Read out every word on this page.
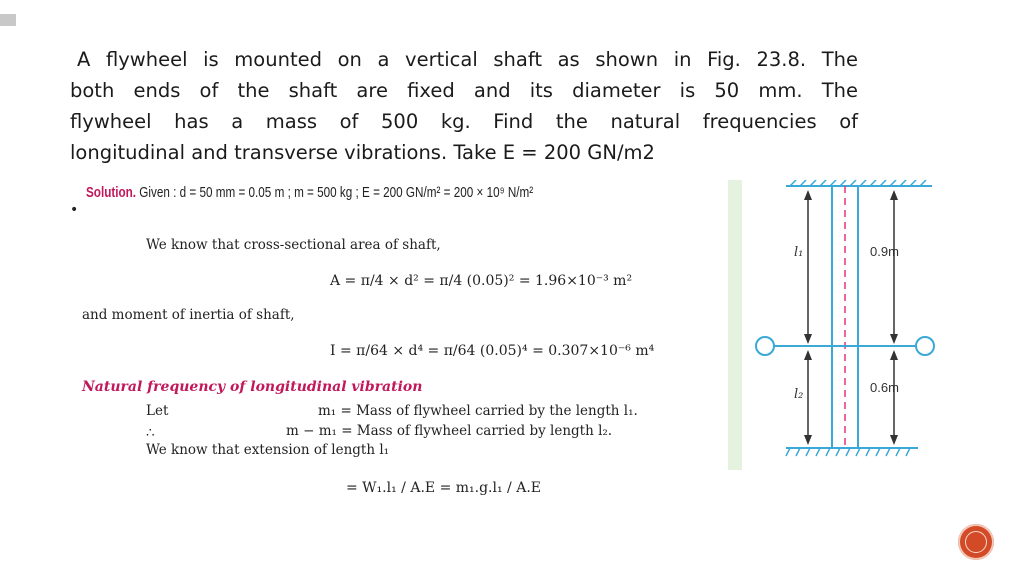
A flywheel is mounted on a vertical shaft as shown in Fig. 23.8. The
both ends of the shaft are fixed and its diameter is 50 mm. The
flywheel has a mass of 500 kg. Find the natural frequencies of
longitudinal and transverse vibrations. Take E = 200 GN/m2
•
Solution. Given : d = 50 mm = 0.05 m ; m = 500 kg ; E = 200 GN/m² = 200 × 10⁹ N/m²
We know that cross-sectional area of shaft,
A = π/4 × d² = π/4 (0.05)² = 1.96×10⁻³ m²
and moment of inertia of shaft,
I = π/64 × d⁴ = π/64 (0.05)⁴ = 0.307×10⁻⁶ m⁴
Natural frequency of longitudinal vibration
Let	m₁ = Mass of flywheel carried by the length l₁.
∴	m − m₁ = Mass of flywheel carried by length l₂.
We know that extension of length l₁
= W₁.l₁ / A.E = m₁.g.l₁ / A.E
l₁
l₂
0.9m
0.6m
